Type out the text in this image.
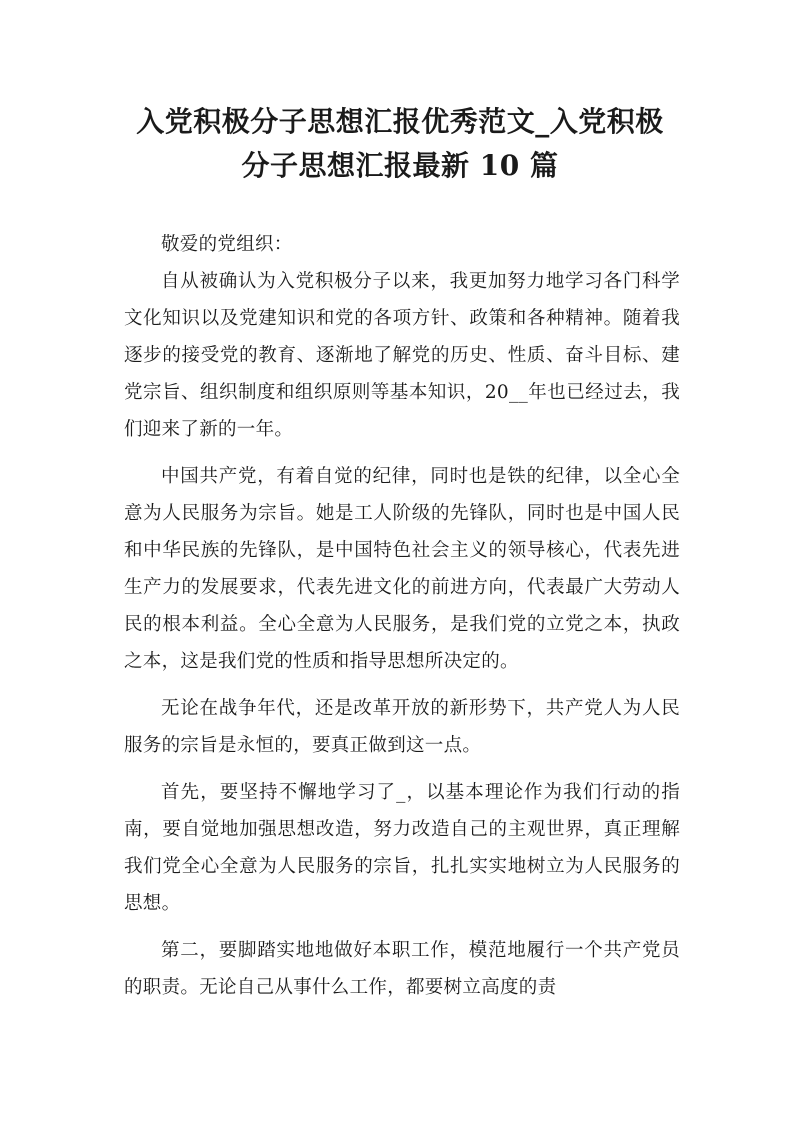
入党积极分子思想汇报优秀范文_入党积极
分子思想汇报最新 10 篇

敬爱的党组织：

自从被确认为入党积极分子以来，我更加努力地学习各门科学文化知识以及党建知识和党的各项方针、政策和各种精神。随着我逐步的接受党的教育、逐渐地了解党的历史、性质、奋斗目标、建党宗旨、组织制度和组织原则等基本知识，20__年也已经过去，我们迎来了新的一年。

中国共产党，有着自觉的纪律，同时也是铁的纪律，以全心全意为人民服务为宗旨。她是工人阶级的先锋队，同时也是中国人民和中华民族的先锋队，是中国特色社会主义的领导核心，代表先进生产力的发展要求，代表先进文化的前进方向，代表最广大劳动人民的根本利益。全心全意为人民服务，是我们党的立党之本，执政之本，这是我们党的性质和指导思想所决定的。

无论在战争年代，还是改革开放的新形势下，共产党人为人民服务的宗旨是永恒的，要真正做到这一点。

首先，要坚持不懈地学习了_，以基本理论作为我们行动的指南，要自觉地加强思想改造，努力改造自己的主观世界，真正理解我们党全心全意为人民服务的宗旨，扎扎实实地树立为人民服务的思想。

第二，要脚踏实地地做好本职工作，模范地履行一个共产党员的职责。无论自己从事什么工作，都要树立高度的责
